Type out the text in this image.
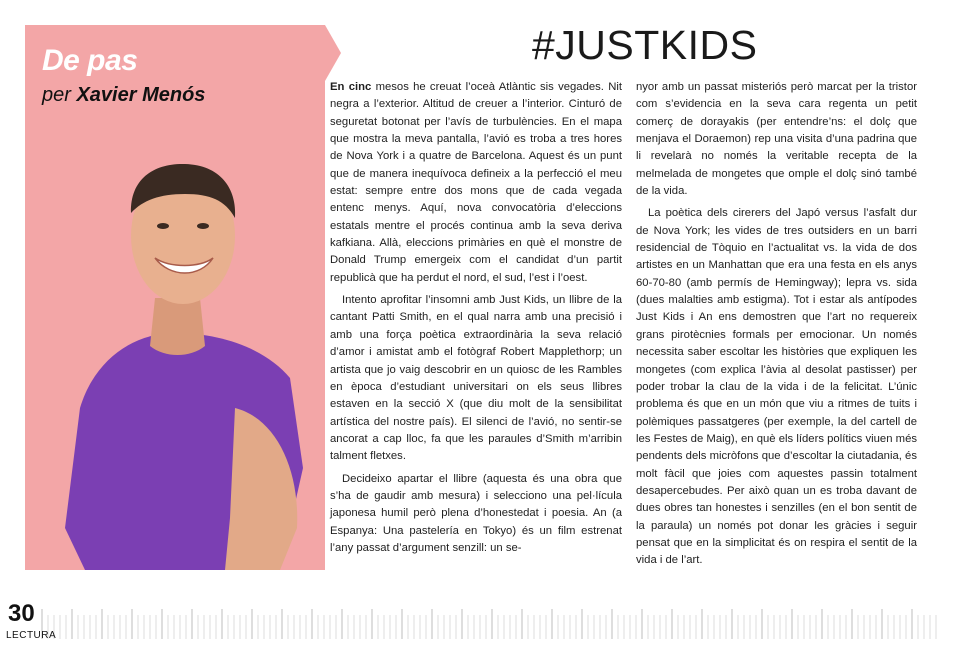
De pas
per Xavier Menós
#JUSTKIDS

En cinc mesos he creuat l’oceà Atlàntic sis vegades. Nit negra a l’exterior. Altitud de creuer a l’interior. Cinturó de seguretat botonat per l’avís de turbulències. En el mapa que mostra la meva pantalla, l’avió es troba a tres hores de Nova York i a quatre de Barcelona. Aquest és un punt que de manera inequívoca defineix a la perfecció el meu estat: sempre entre dos mons que de cada vegada entenc menys. Aquí, nova convocatòria d’eleccions estatals mentre el procés continua amb la seva deriva kafkiana. Allà, eleccions primàries en què el monstre de Donald Trump emergeix com el candidat d’un partit republicà que ha perdut el nord, el sud, l’est i l’oest.

Intento aprofitar l’insomni amb Just Kids, un llibre de la cantant Patti Smith, en el qual narra amb una precisió i amb una força poètica extraordinària la seva relació d’amor i amistat amb el fotògraf Robert Mapplethorp; un artista que jo vaig descobrir en un quiosc de les Rambles en època d’estudiant universitari on els seus llibres estaven en la secció X (que diu molt de la sensibilitat artística del nostre país). El silenci de l’avió, no sentir-se ancorat a cap lloc, fa que les paraules d’Smith m’arribin talment fletxes.

Decideixo apartar el llibre (aquesta és una obra que s’ha de gaudir amb mesura) i selecciono una pel·lícula japonesa humil però plena d’honestedat i poesia. An (a Espanya: Una pastelería en Tokyo) és un film estrenat l’any passat d’argument senzill: un se-

nyor amb un passat misteriós però marcat per la tristor com s’evidencia en la seva cara regenta un petit comerç de dorayakis (per entendre’ns: el dolç que menjava el Doraemon) rep una visita d’una padrina que li revelarà no només la veritable recepta de la melmelada de mongetes que omple el dolç sinó també de la vida.

La poètica dels cirerers del Japó versus l’asfalt dur de Nova York; les vides de tres outsiders en un barri residencial de Tòquio en l’actualitat vs. la vida de dos artistes en un Manhattan que era una festa en els anys 60-70-80 (amb permís de Hemingway); lepra vs. sida (dues malalties amb estigma). Tot i estar als antípodes Just Kids i An ens demostren que l’art no requereix grans pirotècnies formals per emocionar. Un només necessita saber escoltar les històries que expliquen les mongetes (com explica l’àvia al desolat pastisser) per poder trobar la clau de la vida i de la felicitat. L’únic problema és que en un món que viu a ritmes de tuits i polèmiques passatgeres (per exemple, la del cartell de les Festes de Maig), en què els líders polítics viuen més pendents dels micròfons que d’escoltar la ciutadania, és molt fàcil que joies com aquestes passin totalment desapercebudes. Per això quan un es troba davant de dues obres tan honestes i senzilles (en el bon sentit de la paraula) un només pot donar les gràcies i seguir pensat que en la simplicitat és on respira el sentit de la vida i de l’art.

30
LECTURA
